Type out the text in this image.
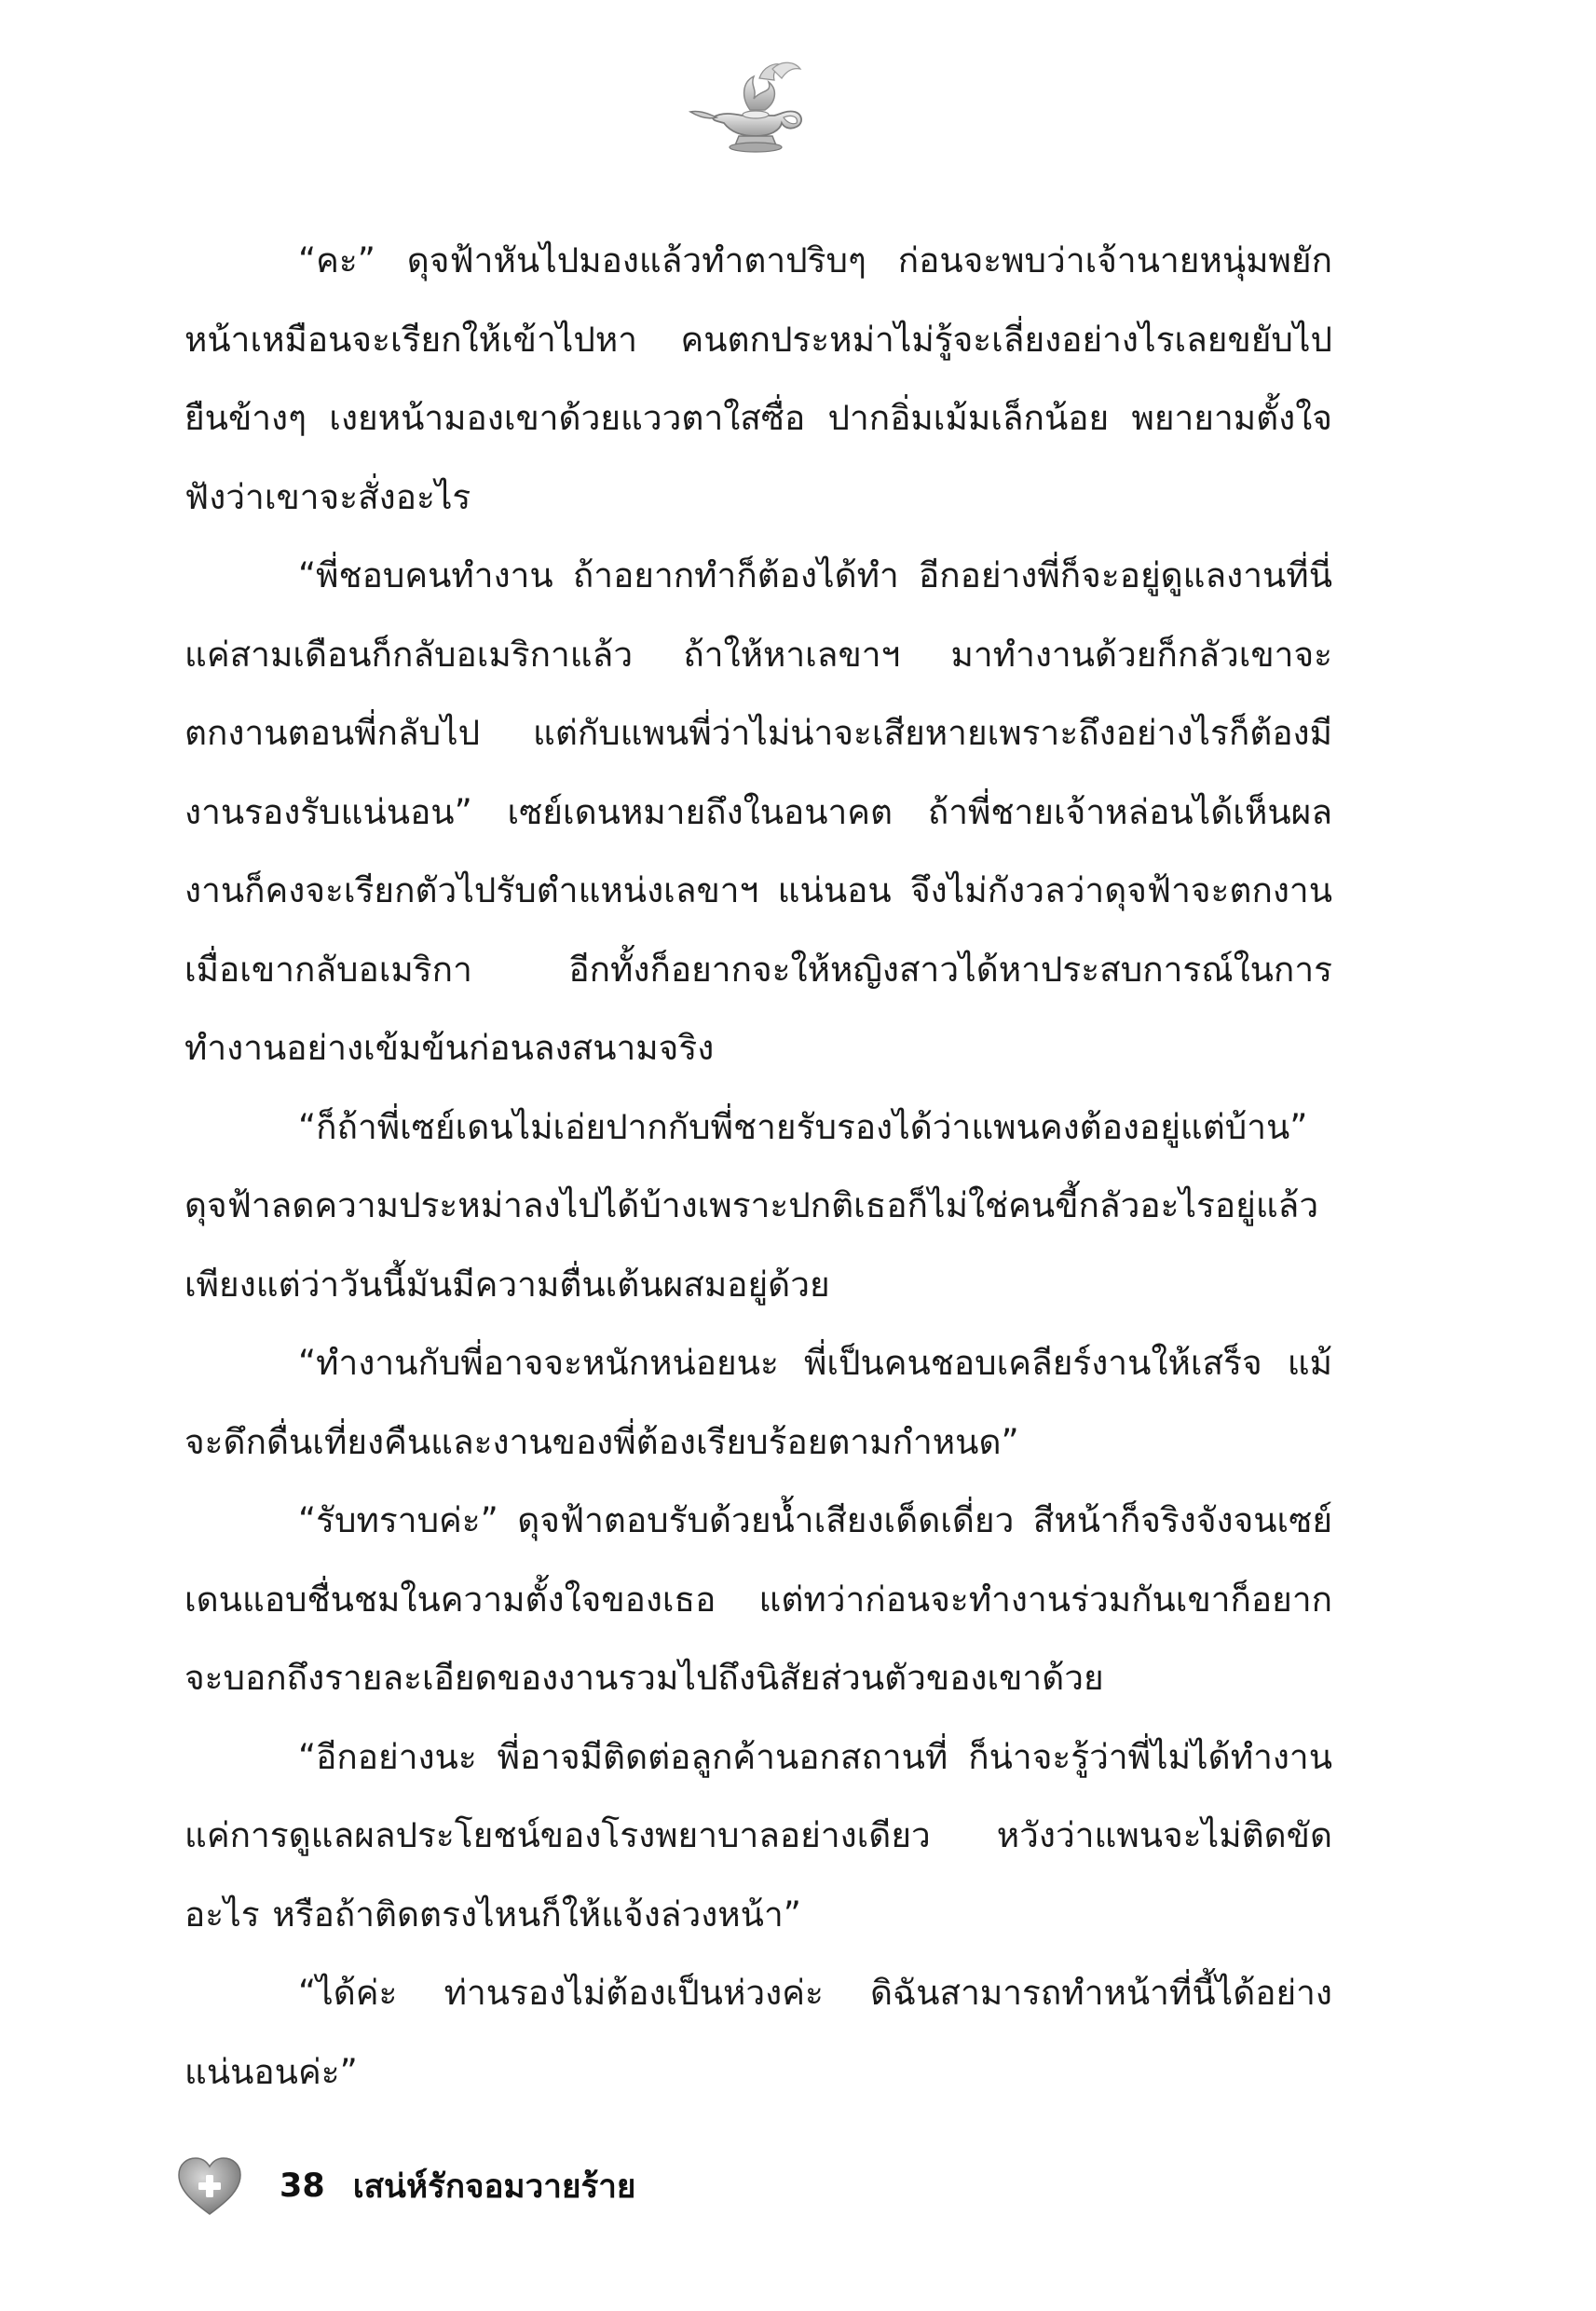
“คะ” ดุจฟ้าหันไปมองแล้วทำตาปริบๆ ก่อนจะพบว่าเจ้านายหนุ่มพยักหน้าเหมือนจะเรียกให้เข้าไปหา คนตกประหม่าไม่รู้จะเลี่ยงอย่างไรเลยขยับไปยืนข้างๆ เงยหน้ามองเขาด้วยแววตาใสซื่อ ปากอิ่มเม้มเล็กน้อย พยายามตั้งใจฟังว่าเขาจะสั่งอะไร

“พี่ชอบคนทำงาน ถ้าอยากทำก็ต้องได้ทำ อีกอย่างพี่ก็จะอยู่ดูแลงานที่นี่แค่สามเดือนก็กลับอเมริกาแล้ว ถ้าให้หาเลขาฯ มาทำงานด้วยก็กลัวเขาจะตกงานตอนพี่กลับไป แต่กับแพนพี่ว่าไม่น่าจะเสียหายเพราะถึงอย่างไรก็ต้องมีงานรองรับแน่นอน” เซย์เดนหมายถึงในอนาคต ถ้าพี่ชายเจ้าหล่อนได้เห็นผลงานก็คงจะเรียกตัวไปรับตำแหน่งเลขาฯ แน่นอน จึงไม่กังวลว่าดุจฟ้าจะตกงานเมื่อเขากลับอเมริกา อีกทั้งก็อยากจะให้หญิงสาวได้หาประสบการณ์ในการทำงานอย่างเข้มข้นก่อนลงสนามจริง

“ก็ถ้าพี่เซย์เดนไม่เอ่ยปากกับพี่ชายรับรองได้ว่าแพนคงต้องอยู่แต่บ้าน” ดุจฟ้าลดความประหม่าลงไปได้บ้างเพราะปกติเธอก็ไม่ใช่คนขี้กลัวอะไรอยู่แล้ว เพียงแต่ว่าวันนี้มันมีความตื่นเต้นผสมอยู่ด้วย

“ทำงานกับพี่อาจจะหนักหน่อยนะ พี่เป็นคนชอบเคลียร์งานให้เสร็จ แม้จะดึกดื่นเที่ยงคืนและงานของพี่ต้องเรียบร้อยตามกำหนด”

“รับทราบค่ะ” ดุจฟ้าตอบรับด้วยน้ำเสียงเด็ดเดี่ยว สีหน้าก็จริงจังจนเซย์เดนแอบชื่นชมในความตั้งใจของเธอ แต่ทว่าก่อนจะทำงานร่วมกันเขาก็อยากจะบอกถึงรายละเอียดของงานรวมไปถึงนิสัยส่วนตัวของเขาด้วย

“อีกอย่างนะ พี่อาจมีติดต่อลูกค้านอกสถานที่ ก็น่าจะรู้ว่าพี่ไม่ได้ทำงานแค่การดูแลผลประโยชน์ของโรงพยาบาลอย่างเดียว หวังว่าแพนจะไม่ติดขัดอะไร หรือถ้าติดตรงไหนก็ให้แจ้งล่วงหน้า”

“ได้ค่ะ ท่านรองไม่ต้องเป็นห่วงค่ะ ดิฉันสามารถทำหน้าที่นี้ได้อย่างแน่นอนค่ะ”

38 เสน่ห์รักจอมวายร้าย
